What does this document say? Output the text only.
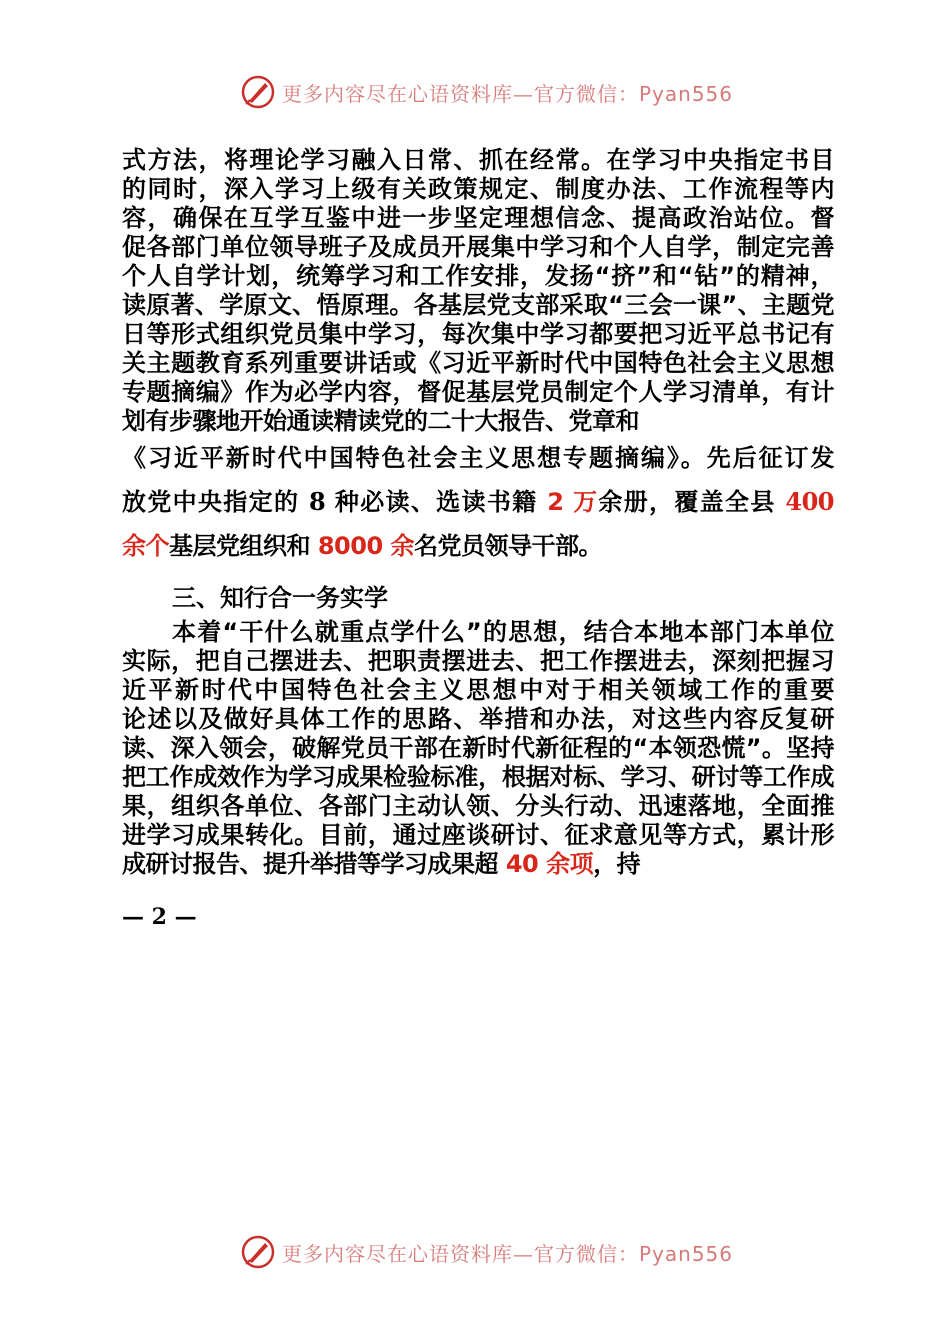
更多内容尽在心语资料库—官方微信：Pyan556
式方法，将理论学习融入日常、抓在经常。在学习中央指定书目
的同时，深入学习上级有关政策规定、制度办法、工作流程等内
容，确保在互学互鉴中进一步坚定理想信念、提高政治站位。督
促各部门单位领导班子及成员开展集中学习和个人自学，制定完善
个人自学计划，统筹学习和工作安排，发扬“挤”和“钻”的精神，
读原著、学原文、悟原理。各基层党支部采取“三会一课”、主题党
日等形式组织党员集中学习，每次集中学习都要把习近平总书记有
关主题教育系列重要讲话或《习近平新时代中国特色社会主义思想
专题摘编》作为必学内容，督促基层党员制定个人学习清单，有计
划有步骤地开始通读精读党的二十大报告、党章和
《习近平新时代中国特色社会主义思想专题摘编》。先后征订发
放党中央指定的 8 种必读、选读书籍 2 万余册，覆盖全县 400
余个基层党组织和 8000 余名党员领导干部。
三、知行合一务实学
本着“干什么就重点学什么”的思想，结合本地本部门本单位
实际，把自己摆进去、把职责摆进去、把工作摆进去，深刻把握习
近平新时代中国特色社会主义思想中对于相关领域工作的重要
论述以及做好具体工作的思路、举措和办法，对这些内容反复研
读、深入领会，破解党员干部在新时代新征程的“本领恐慌”。坚持
把工作成效作为学习成果检验标准，根据对标、学习、研讨等工作成
果，组织各单位、各部门主动认领、分头行动、迅速落地，全面推
进学习成果转化。目前，通过座谈研讨、征求意见等方式，累计形
成研讨报告、提升举措等学习成果超 40 余项，持
— 2 —
更多内容尽在心语资料库—官方微信：Pyan556
